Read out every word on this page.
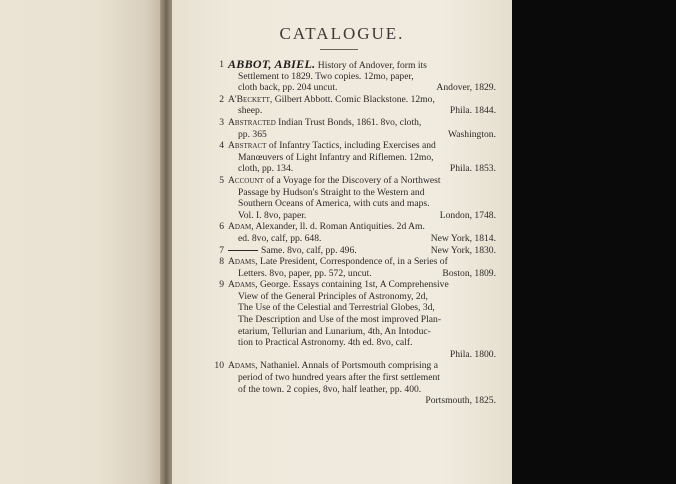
CATALOGUE.
1 ABBOT, ABIEL. History of Andover, form its
Settlement to 1829. Two copies. 12mo, paper,
cloth back, pp. 204 uncut.	Andover, 1829.
2 A'Beckett, Gilbert Abbott. Comic Blackstone. 12mo,
sheep.	Phila. 1844.
3 Abstracted Indian Trust Bonds, 1861. 8vo, cloth,
pp. 365	Washington.
4 Abstract of Infantry Tactics, including Exercises and
Manœuvers of Light Infantry and Riflemen. 12mo,
cloth, pp. 134.	Phila. 1853.
5 Account of a Voyage for the Discovery of a Northwest
Passage by Hudson's Straight to the Western and
Southern Oceans of America, with cuts and maps.
Vol. I. 8vo, paper.	London, 1748.
6 Adam, Alexander, ll. d. Roman Antiquities. 2d Am.
ed. 8vo, calf, pp. 648.	New York, 1814.
7	Same. 8vo, calf, pp. 496.	New York, 1830.
8 Adams, Late President, Correspondence of, in a Series of
Letters. 8vo, paper, pp. 572, uncut.	Boston, 1809.
9 Adams, George. Essays containing 1st, A Comprehensive
View of the General Principles of Astronomy, 2d,
The Use of the Celestial and Terrestrial Globes, 3d,
The Description and Use of the most improved Plan-
etarium, Tellurian and Lunarium, 4th, An Intoduc-
tion to Practical Astronomy. 4th ed. 8vo, calf.
Phila. 1800.
10 Adams, Nathaniel. Annals of Portsmouth comprising a
period of two hundred years after the first settlement
of the town. 2 copies, 8vo, half leather, pp. 400.
Portsmouth, 1825.
